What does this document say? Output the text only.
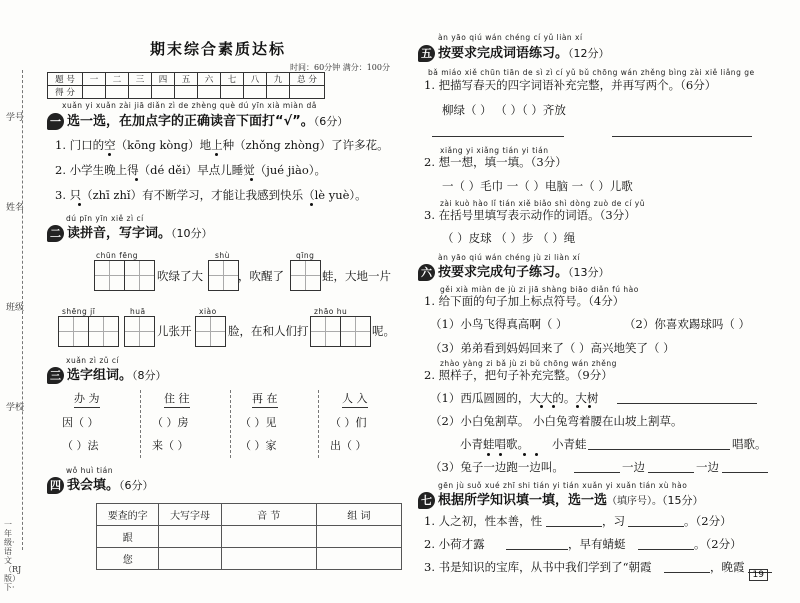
期末综合素质达标
时间：60分钟 满分：100分
题 号	一	二	三	四	五	六	七	八	九	总 分
得 分										
学号
姓名
班级
学校
一年级·语文（RJ版）下·
xuǎn yi xuǎn zài jiā diǎn zì de zhèng què dú yīn xià miàn dǎ
一 选一选，在加点字的正确读音下面打“√”。（6分）
1. 门口的空（kōng kòng）地上种（zhǒng zhòng）了许多花。
2. 小学生晚上得（dé děi）早点儿睡觉（jué jiào）。
3. 只（zhī zhǐ）有不断学习，才能让我感到快乐（lè yuè）。
dú pīn yīn xiě zì cí
二 读拼音，写字词。（10分）
chūn fēng
吹绿了大
shù
，吹醒了
qīng
蛙，大地一片
shēng jī	huā
儿张开
xiào
脸，在和人们打
zhāo hu
呢。
xuǎn zì zǔ cí
三 选字组词。（8分）
办 为
因（ ）
（ ）法
住 往
（ ）房
来（ ）
再 在
（ ）见
（ ）家
人 入
（ ）们
出（ ）
wǒ huì tián
四 我会填。（6分）
要查的字	大写字母	音 节	组 词
跟			
您			
àn yāo qiú wán chéng cí yǔ liàn xí
五 按要求完成词语练习。（12分）
bǎ miáo xiě chūn tiān de sì zì cí yǔ bǔ chōng wán zhěng bìng zài xiě liǎng ge
1. 把描写春天的四字词语补充完整，并再写两个。（6分）
柳绿（ ） （ ）（ ）齐放
xiǎng yi xiǎng tián yi tián
2. 想一想，填一填。（3分）
一（ ）毛巾 一（ ）电脑 一（ ）儿歌
zài kuò hào lǐ tián xiě biǎo shì dòng zuò de cí yǔ
3. 在括号里填写表示动作的词语。（3分）
（ ）皮球 （ ）步 （ ）绳
àn yāo qiú wán chéng jù zi liàn xí
六 按要求完成句子练习。（13分）
gěi xià miàn de jù zi jiā shàng biāo diǎn fú hào
1. 给下面的句子加上标点符号。（4分）
（1）小鸟飞得真高啊（ ）	（2）你喜欢踢球吗（ ）
（3）弟弟看到妈妈回来了（ ）高兴地笑了（ ）
zhào yàng zi bǎ jù zi bǔ chōng wán zhěng
2. 照样子，把句子补充完整。（9分）
（1）西瓜圆圆的，大大的。大树
（2）小白兔割草。 小白兔弯着腰在山坡上割草。
小青蛙唱歌。 小青蛙	唱歌。
（3）兔子一边跑一边叫。	一边	一边
gēn jù suǒ xué zhī shi tián yi tián xuǎn yi xuǎn tián xù hào
七 根据所学知识填一填，选一选（填序号）。（15分）
1. 人之初，性本善，性	，习	。（2分）
2. 小荷才露	，早有蜻蜓	。（2分）
3. 书是知识的宝库，从书中我们学到了“朝霞	，晚霞
19
